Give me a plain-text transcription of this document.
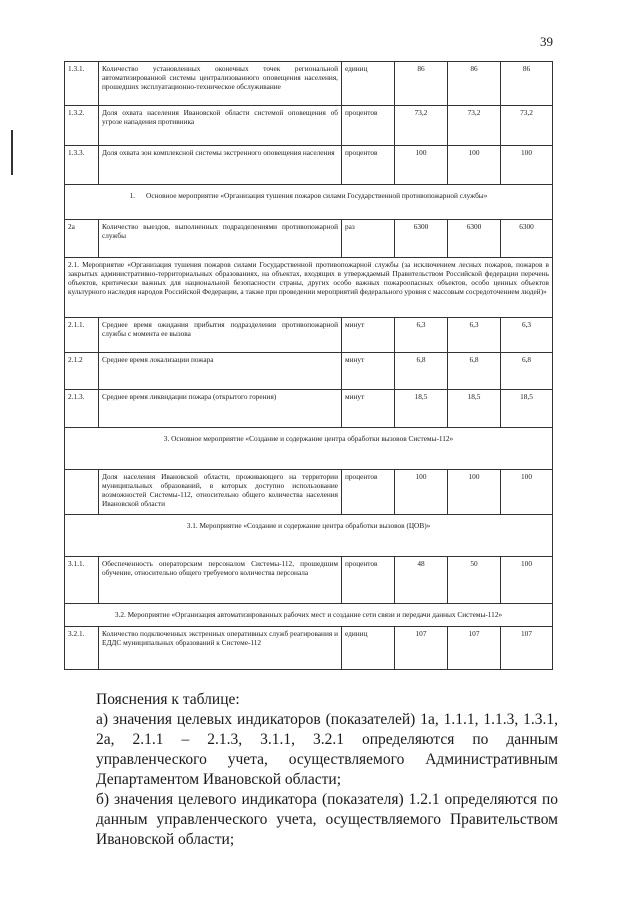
39
1.3.1.	Количество установленных оконечных точек региональной автоматизированной системы централизованного оповещения населения, прошедших эксплуатационно-техническое обслуживание	единиц	86	86	86
1.3.2.	Доля охвата населения Ивановской области системой оповещения об угрозе нападения противника	процентов	73,2	73,2	73,2
1.3.3.	Доля охвата зон комплексной системы экстренного оповещения населения	процентов	100	100	100
1.      Основное мероприятие «Организация тушения пожаров силами Государственной противопожарной службы»					
2а	Количество выездов, выполненных подразделениями противопожарной службы	раз	6300	6300	6300
2.1. Мероприятие «Организация тушения пожаров силами Государственной противопожарной службы (за исключением лесных пожаров, пожаров в закрытых административно-территориальных образованиях, на объектах, входящих в утверждаемый Правительством Российской федерации перечень объектов, критически важных для национальной безопасности страны, других особо важных пожароопасных объектов, особо ценных объектов культурного наследия народов Российской Федерации, а также при проведении мероприятий федерального уровня с массовым сосредоточением людей)»					
2.1.1.	Среднее время ожидания прибытия подразделения противопожарной службы с момента ее вызова	минут	6,3	6,3	6,3
2.1.2	Среднее время локализации пожара	минут	6,8	6,8	6,8
2.1.3.	Среднее время ликвидации пожара (открытого горения)	минут	18,5	18,5	18,5
3. Основное мероприятие «Создание и содержание центра обработки вызовов Системы-112»					
	Доля населения Ивановской области, проживающего на территории муниципальных образований, в которых доступно использование возможностей Системы-112, относительно общего количества населения Ивановской области	процентов	100	100	100
3.1. Мероприятие «Создание и содержание центра обработки вызовов (ЦОВ)»					
3.1.1.	Обеспеченность операторским персоналом Системы-112, прошедшим обучение, относительно общего требуемого количества персонала	процентов	48	50	100
3.2. Мероприятие «Организация автоматизированных рабочих мест и создание сети связи и передачи данных Системы-112»					
3.2.1.	Количество подключенных экстренных оперативных служб реагирования и ЕДДС муниципальных образований к Системе-112	единиц	107	107	107

Пояснения к таблице:

а) значения целевых индикаторов (показателей) 1а, 1.1.1, 1.1.3, 1.3.1, 2а, 2.1.1 – 2.1.3, 3.1.1, 3.2.1 определяются по данным управленческого учета, осуществляемого Административным Департаментом Ивановской области;

б) значения целевого индикатора (показателя) 1.2.1 определяются по данным управленческого учета, осуществляемого Правительством Ивановской области;
